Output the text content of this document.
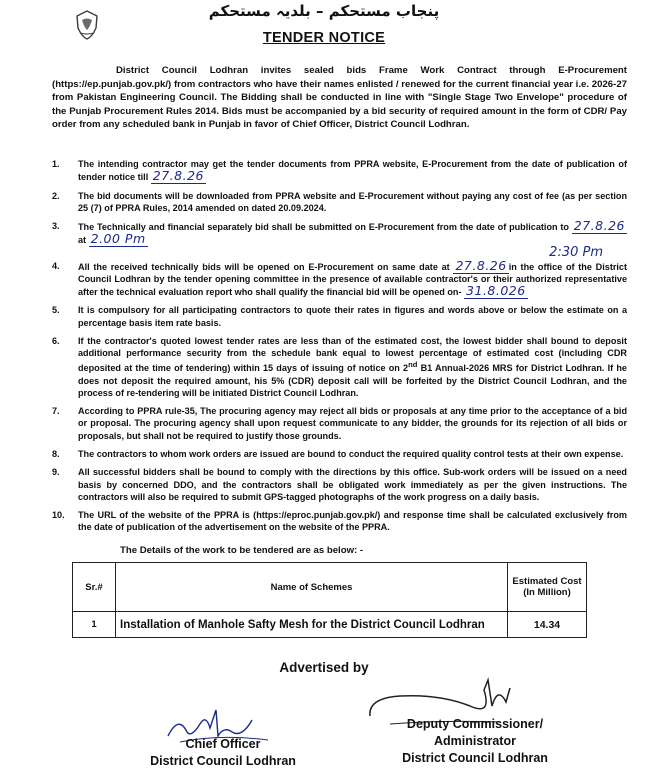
پنجاب مستحکم – بلدیہ مستحکم
TENDER NOTICE
District Council Lodhran invites sealed bids Frame Work Contract through E-Procurement (https://ep.punjab.gov.pk/) from contractors who have their names enlisted / renewed for the current financial year i.e. 2026-27 from Pakistan Engineering Council. The Bidding shall be conducted in line with "Single Stage Two Envelope" procedure of the Punjab Procurement Rules 2014. Bids must be accompanied by a bid security of required amount in the form of CDR/ Pay order from any scheduled bank in Punjab in favor of Chief Officer, District Council Lodhran.
1. The intending contractor may get the tender documents from PPRA website, E-Procurement from the date of publication of tender notice till 27.8.26
2. The bid documents will be downloaded from PPRA website and E-Procurement without paying any cost of fee (as per section 25 (7) of PPRA Rules, 2014 amended on dated 20.09.2024.
3. The Technically and financial separately bid shall be submitted on E-Procurement from the date of publication to 27.8.26 at 2.00 Pm
2:30 Pm
4. All the received technically bids will be opened on E-Procurement on same date at 27.8.26 in the office of the District Council Lodhran by the tender opening committee in the presence of available contractor's or their authorized representative after the technical evaluation report who shall qualify the financial bid will be opened on- 31.8.026
5. It is compulsory for all participating contractors to quote their rates in figures and words above or below the estimate on a percentage basis item rate basis.
6. If the contractor's quoted lowest tender rates are less than of the estimated cost, the lowest bidder shall bound to deposit additional performance security from the schedule bank equal to lowest percentage of estimated cost (including CDR deposited at the time of tendering) within 15 days of issuing of notice on 2nd B1 Annual-2026 MRS for District Lodhran. If he does not deposit the required amount, his 5% (CDR) deposit call will be forfeited by the District Council Lodhran, and the process of re-tendering will be initiated District Council Lodhran.
7. According to PPRA rule-35, The procuring agency may reject all bids or proposals at any time prior to the acceptance of a bid or proposal. The procuring agency shall upon request communicate to any bidder, the grounds for its rejection of all bids or proposals, but shall not be required to justify those grounds.
8. The contractors to whom work orders are issued are bound to conduct the required quality control tests at their own expense.
9. All successful bidders shall be bound to comply with the directions by this office. Sub-work orders will be issued on a need basis by concerned DDO, and the contractors shall be obligated work immediately as per the given instructions. The contractors will also be required to submit GPS-tagged photographs of the work progress on a daily basis.
10. The URL of the website of the PPRA is (https://eproc.punjab.gov.pk/) and response time shall be calculated exclusively from the date of publication of the advertisement on the website of the PPRA.
The Details of the work to be tendered are as below: -
Sr.#	Name of Schemes	Estimated Cost (In Million)
1	Installation of Manhole Safty Mesh for the District Council Lodhran	14.34
Advertised by
Chief Officer
District Council Lodhran
Deputy Commissioner/
Administrator
District Council Lodhran
